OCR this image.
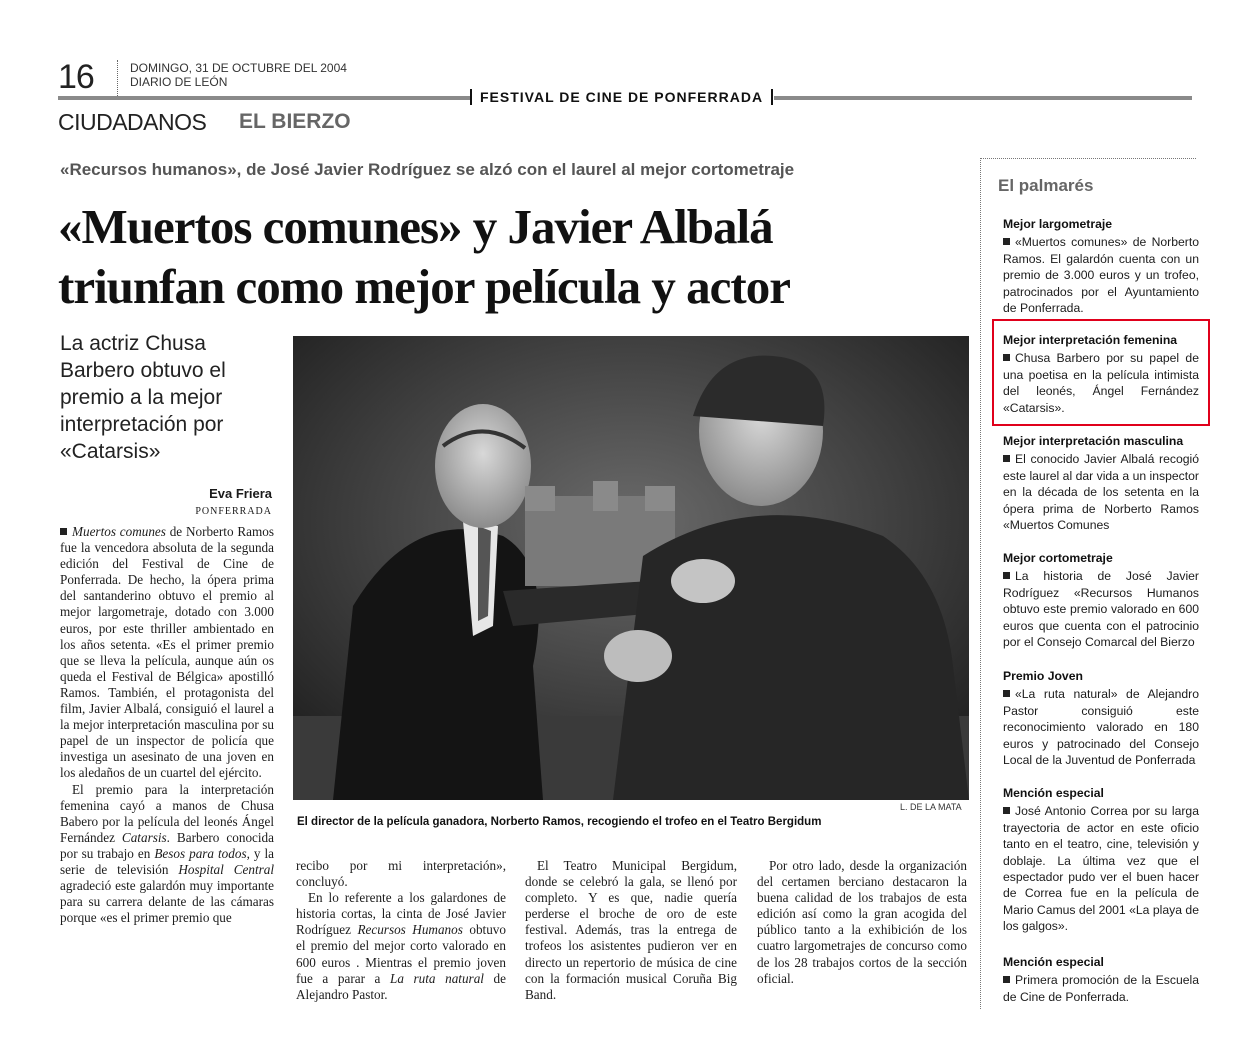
16	DOMINGO, 31 DE OCTUBRE DEL 2004
DIARIO DE LEÓN
FESTIVAL DE CINE DE PONFERRADA
CIUDADANOS EL BIERZO
«Recursos humanos», de José Javier Rodríguez se alzó con el laurel al mejor cortometraje
«Muertos comunes» y Javier Albalá
triunfan como mejor película y actor
La actriz Chusa Barbero obtuvo el premio a la mejor interpretación por «Catarsis»
Eva Friera
PONFERRADA

Muertos comunes de Norberto Ramos fue la vencedora absoluta de la segunda edición del Festival de Cine de Ponferrada. De hecho, la ópera prima del santanderino obtuvo el premio al mejor largometraje, dotado con 3.000 euros, por este thriller ambientado en los años setenta. «Es el primer premio que se lleva la película, aunque aún os queda el Festival de Bélgica» apostilló Ramos. También, el protagonista del film, Javier Albalá, consiguió el laurel a la mejor interpretación masculina por su papel de un inspector de policía que investiga un asesinato de una joven en los aledaños de un cuartel del ejército.

El premio para la interpretación femenina cayó a manos de Chusa Babero por la película del leonés Ángel Fernández Catarsis. Barbero conocida por su trabajo en Besos para todos, y la serie de televisión Hospital Central agradeció este galardón muy importante para su carrera delante de las cámaras porque «es el primer premio que

L. DE LA MATA
El director de la película ganadora, Norberto Ramos, recogiendo el trofeo en el Teatro Bergidum

recibo por mi interpretación», concluyó.

En lo referente a los galardones de historia cortas, la cinta de José Javier Rodríguez Recursos Humanos obtuvo el premio del mejor corto valorado en 600 euros . Mientras el premio joven fue a parar a La ruta natural de Alejandro Pastor.

El Teatro Municipal Bergidum, donde se celebró la gala, se llenó por completo. Y es que, nadie quería perderse el broche de oro de este festival. Además, tras la entrega de trofeos los asistentes pudieron ver en directo un repertorio de música de cine con la formación musical Coruña Big Band.
Por otro lado, desde la organización del certamen berciano destacaron la buena calidad de los trabajos de esta edición así como la gran acogida del público tanto a la exhibición de los cuatro largometrajes de concurso como de los 28 trabajos cortos de la sección oficial.
El palmarés
Mejor largometraje

«Muertos comunes» de Norberto Ramos. El galardón cuenta con un premio de 3.000 euros y un trofeo, patrocinados por el Ayuntamiento de Ponferrada.

Mejor interpretación femenina

Chusa Barbero por su papel de una poetisa en la película intimista del leonés, Ángel Fernández «Catarsis».

Mejor interpretación masculina

El conocido Javier Albalá recogió este laurel al dar vida a un inspector en la década de los setenta en la ópera prima de Norberto Ramos «Muertos Comunes

Mejor cortometraje

La historia de José Javier Rodríguez «Recursos Humanos obtuvo este premio valorado en 600 euros que cuenta con el patrocinio por el Consejo Comarcal del Bierzo

Premio Joven

«La ruta natural» de Alejandro Pastor consiguió este reconocimiento valorado en 180 euros y patrocinado del Consejo Local de la Juventud de Ponferrada

Mención especial

José Antonio Correa por su larga trayectoria de actor en este oficio tanto en el teatro, cine, televisión y doblaje. La última vez que el espectador pudo ver el buen hacer de Correa fue en la película de Mario Camus del 2001 «La playa de los galgos».

Mención especial

Primera promoción de la Escuela de Cine de Ponferrada.
